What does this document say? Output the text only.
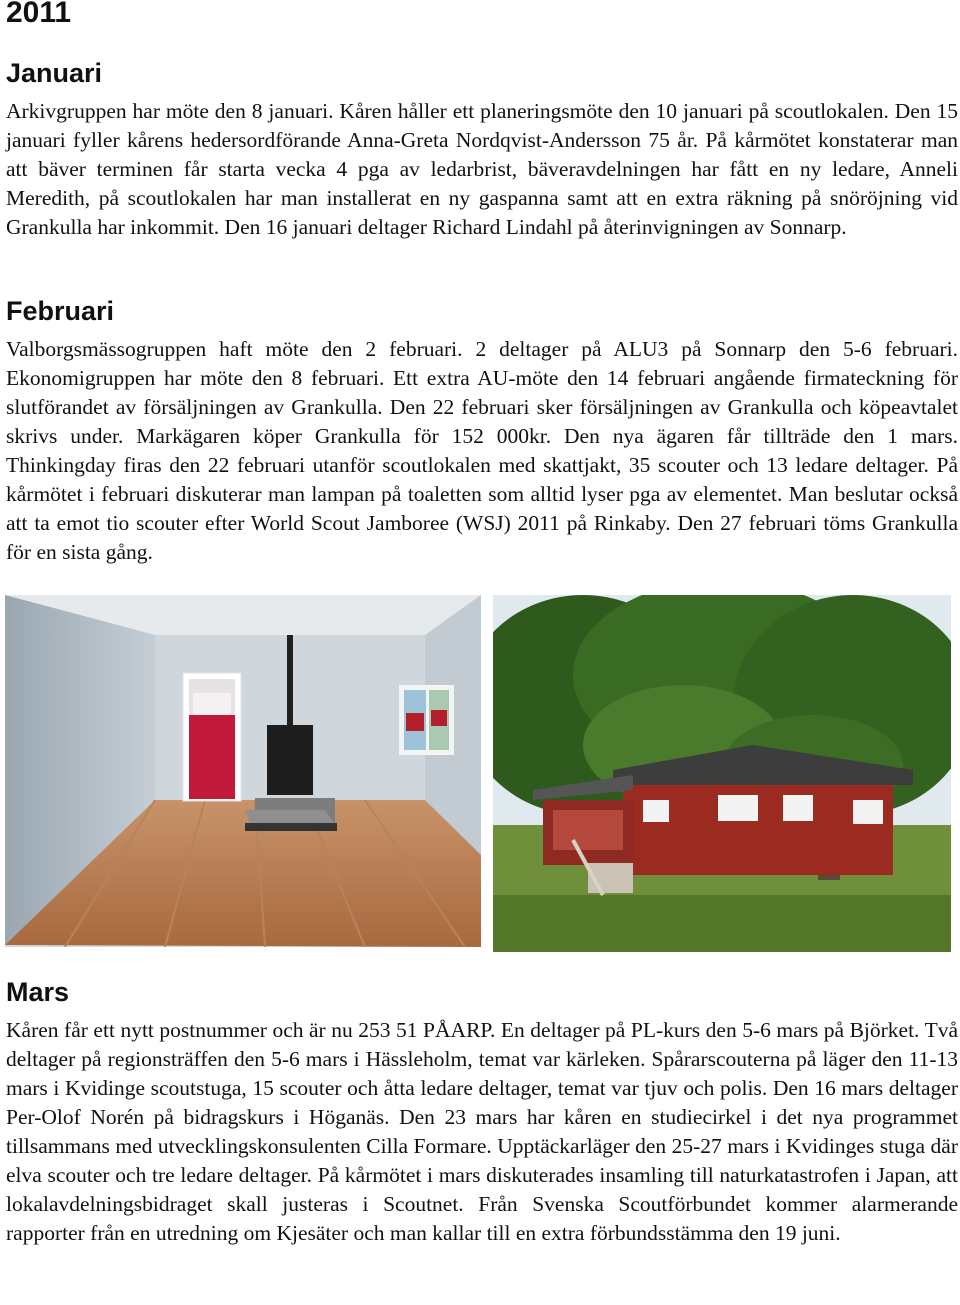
2011
Januari

Arkivgruppen har möte den 8 januari. Kåren håller ett planeringsmöte den 10 januari på scoutlokalen. Den 15 januari fyller kårens hedersordförande Anna-Greta Nordqvist-Andersson 75 år. På kårmötet konstaterar man att bäver terminen får starta vecka 4 pga av ledarbrist, bäveravdelningen har fått en ny ledare, Anneli Meredith, på scoutlokalen har man installerat en ny gaspanna samt att en extra räkning på snöröjning vid Grankulla har inkommit. Den 16 januari deltager Richard Lindahl på återinvigningen av Sonnarp.

Februari

Valborgsmässogruppen haft möte den 2 februari. 2 deltager på ALU3 på Sonnarp den 5-6 februari. Ekonomigruppen har möte den 8 februari. Ett extra AU-möte den 14 februari angående firmateckning för slutförandet av försäljningen av Grankulla. Den 22 februari sker försäljningen av Grankulla och köpeavtalet skrivs under. Markägaren köper Grankulla för 152 000kr. Den nya ägaren får tillträde den 1 mars. Thinkingday firas den 22 februari utanför scoutlokalen med skattjakt, 35 scouter och 13 ledare deltager. På kårmötet i februari diskuterar man lampan på toaletten som alltid lyser pga av elementet. Man beslutar också att ta emot tio scouter efter World Scout Jamboree (WSJ) 2011 på Rinkaby. Den 27 februari töms Grankulla för en sista gång.

Mars

Kåren får ett nytt postnummer och är nu 253 51 PÅARP. En deltager på PL-kurs den 5-6 mars på Björket. Två deltager på regionsträffen den 5-6 mars i Hässleholm, temat var kärleken. Spårarscouterna på läger den 11-13 mars i Kvidinge scoutstuga, 15 scouter och åtta ledare deltager, temat var tjuv och polis. Den 16 mars deltager Per-Olof Norén på bidragskurs i Höganäs. Den 23 mars har kåren en studiecirkel i det nya programmet tillsammans med utvecklingskonsulenten Cilla Formare. Upptäckarläger den 25-27 mars i Kvidinges stuga där elva scouter och tre ledare deltager. På kårmötet i mars diskuterades insamling till naturkatastrofen i Japan, att lokalavdelningsbidraget skall justeras i Scoutnet. Från Svenska Scoutförbundet kommer alarmerande rapporter från en utredning om Kjesäter och man kallar till en extra förbundsstämma den 19 juni.
